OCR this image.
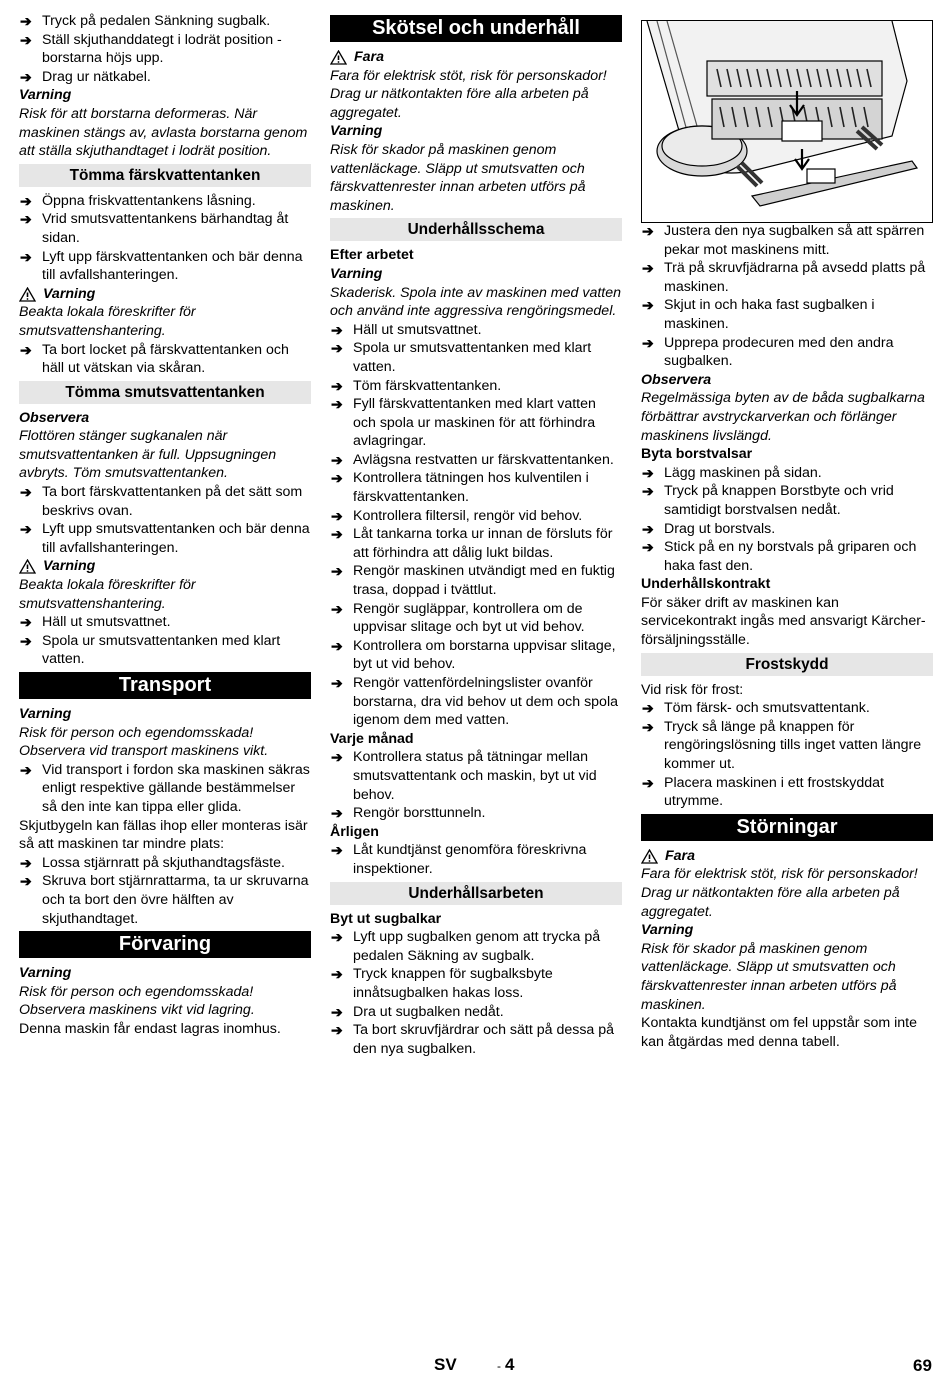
➔ Tryck på pedalen Sänkning sugbalk.
➔ Ställ skjuthanddategt i lodrät position - borstarna höjs upp.
➔ Drag ur nätkabel.
Varning
Risk för att borstarna deformeras. När maskinen stängs av, avlasta borstarna genom att ställa skjuthandtaget i lodrät position.
Tömma färskvattentanken
➔ Öppna friskvattentankens låsning.
➔ Vrid smutsvattentankens bärhandtag åt sidan.
➔ Lyft upp färskvattentanken och bär denna till avfallshanteringen.
Varning
Beakta lokala föreskrifter för smutsvattenshantering.
➔ Ta bort locket på färskvattentanken och häll ut vätskan via skåran.
Tömma smutsvattentanken
Observera
Flottören stänger sugkanalen när smutsvattentanken är full. Uppsugningen avbryts. Töm smutsvattentanken.
➔ Ta bort färskvattentanken på det sätt som beskrivs ovan.
➔ Lyft upp smutsvattentanken och bär denna till avfallshanteringen.
Varning
Beakta lokala föreskrifter för smutsvattenshantering.
➔ Häll ut smutsvattnet.
➔ Spola ur smutsvattentanken med klart vatten.
Transport
Varning
Risk för person och egendomsskada! Observera vid transport maskinens vikt.
➔ Vid transport i fordon ska maskinen säkras enligt respektive gällande bestämmelser så den inte kan tippa eller glida.
Skjutbygeln kan fällas ihop eller monteras isär så att maskinen tar mindre plats:
➔ Lossa stjärnratt på skjuthandtagsfäste.
➔ Skruva bort stjärnrattarma, ta ur skruvarna och ta bort den övre hälften av skjuthandtaget.
Förvaring
Varning
Risk för person och egendomsskada! Observera maskinens vikt vid lagring.
Denna maskin får endast lagras inomhus.
Skötsel och underhåll
Fara
Fara för elektrisk stöt, risk för personskador!
Drag ur nätkontakten före alla arbeten på aggregatet.
Varning
Risk för skador på maskinen genom vattenläckage. Släpp ut smutsvatten och färskvattenrester innan arbeten utförs på maskinen.
Underhållsschema
Efter arbetet
Varning
Skaderisk. Spola inte av maskinen med vatten och använd inte aggressiva rengöringsmedel.
➔ Häll ut smutsvattnet.
➔ Spola ur smutsvattentanken med klart vatten.
➔ Töm färskvattentanken.
➔ Fyll färskvattentanken med klart vatten och spola ur maskinen för att förhindra avlagringar.
➔ Avlägsna restvatten ur färskvattentanken.
➔ Kontrollera tätningen hos kulventilen i färskvattentanken.
➔ Kontrollera filtersil, rengör vid behov.
➔ Låt tankarna torka ur innan de försluts för att förhindra att dålig lukt bildas.
➔ Rengör maskinen utvändigt med en fuktig trasa, doppad i tvättlut.
➔ Rengör sugläppar, kontrollera om de uppvisar slitage och byt ut vid behov.
➔ Kontrollera om borstarna uppvisar slitage, byt ut vid behov.
➔ Rengör vattenfördelningslister ovanför borstarna, dra vid behov ut dem och spola igenom dem med vatten.
Varje månad
➔ Kontrollera status på tätningar mellan smutsvattentank och maskin, byt ut vid behov.
➔ Rengör borsttunneln.
Årligen
➔ Låt kundtjänst genomföra föreskrivna inspektioner.
Underhållsarbeten
Byt ut sugbalkar
➔ Lyft upp sugbalken genom att trycka på pedalen Säkning av sugbalk.
➔ Tryck knappen för sugbalksbyte innåtsugbalken hakas loss.
➔ Dra ut sugbalken nedåt.
➔ Ta bort skruvfjärdrar och sätt på dessa på den nya sugbalken.
➔ Justera den nya sugbalken så att spärren pekar mot maskinens mitt.
➔ Trä på skruvfjädrarna på avsedd platts på maskinen.
➔ Skjut in och haka fast sugbalken i maskinen.
➔ Upprepa prodecuren med den andra sugbalken.
Observera
Regelmässiga byten av de båda sugbalkarna förbättrar avstryckarverkan och förlänger maskinens livslängd.
Byta borstvalsar
➔ Lägg maskinen på sidan.
➔ Tryck på knappen Borstbyte och vrid samtidigt borstvalsen nedåt.
➔ Drag ut borstvals.
➔ Stick på en ny borstvals på griparen och haka fast den.
Underhållskontrakt
För säker drift av maskinen kan servicekontrakt ingås med ansvarigt Kärcher-försäljningsställe.
Frostskydd
Vid risk för frost:
➔ Töm färsk- och smutsvattentank.
➔ Tryck så länge på knappen för rengöringslösning tills inget vatten längre kommer ut.
➔ Placera maskinen i ett frostskyddat utrymme.
Störningar
Fara
Fara för elektrisk stöt, risk för personskador!
Drag ur nätkontakten före alla arbeten på aggregatet.
Varning
Risk för skador på maskinen genom vattenläckage. Släpp ut smutsvatten och färskvattenrester innan arbeten utförs på maskinen.
Kontakta kundtjänst om fel uppstår som inte kan åtgärdas med denna tabell.
SV	- 4	69
